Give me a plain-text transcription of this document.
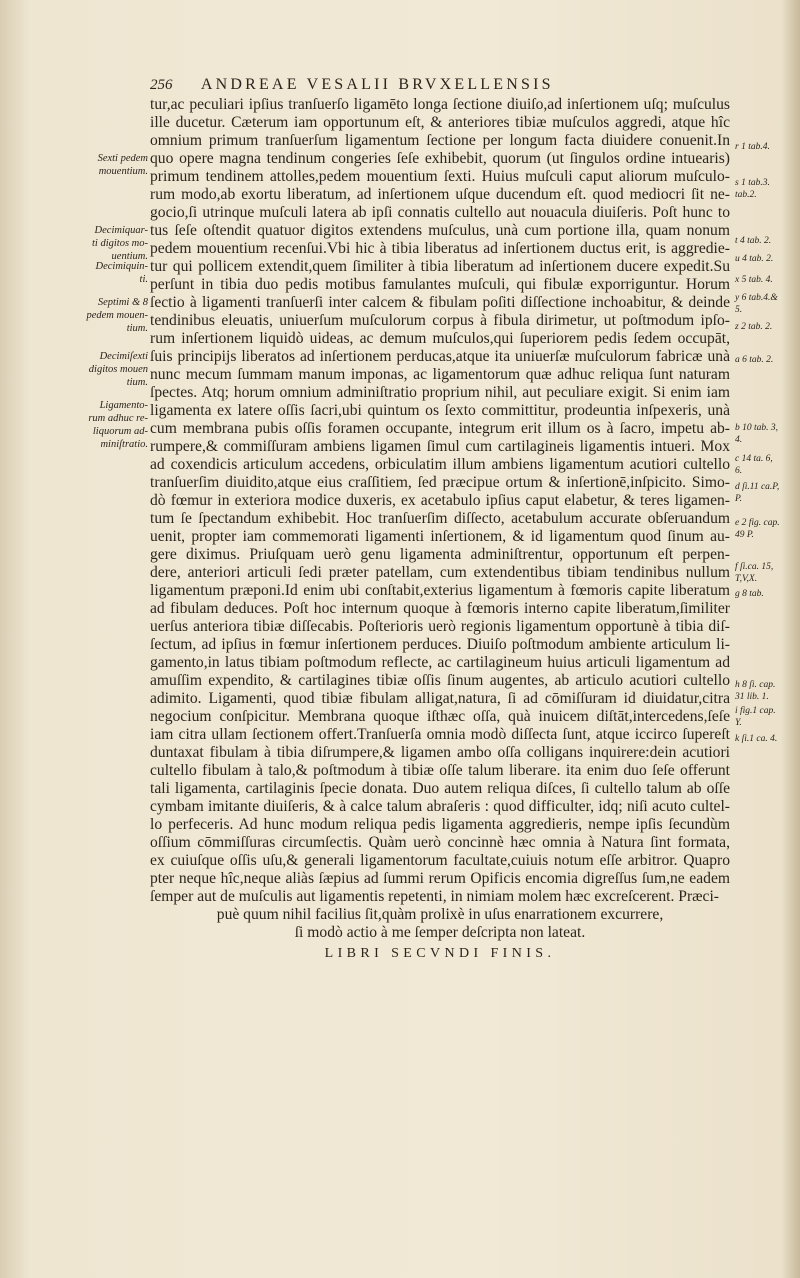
256 ANDREAE VESALII BRVXELLENSIS
tur,ac peculiari ipſius tranſuerſo ligamēto longa ſectione diuiſo,ad inſertionem uſq; muſculus
ille ducetur. Cæterum iam opportunum eſt, & anteriores tibiæ muſculos aggredi, atque hîc
omnium primum tranſuerſum ligamentum ſectione per longum facta diuidere conuenit.In
quo opere magna tendinum congeries ſeſe exhibebit, quorum (ut ſingulos ordine intuearis)
primum tendinem attolles,pedem mouentium ſexti. Huius muſculi caput aliorum muſculo-
rum modo,ab exortu liberatum, ad inſertionem uſque ducendum eſt. quod mediocri ſit ne-
gocio,ſi utrinque muſculi latera ab ipſi connatis cultello aut nouacula diuiſeris. Poſt hunc to
tus ſeſe oſtendit quatuor digitos extendens muſculus, unà cum portione illa, quam nonum
pedem mouentium recenſui.Vbi hic à tibia liberatus ad inſertionem ductus erit, is aggredie-
tur qui pollicem extendit,quem ſimiliter à tibia liberatum ad inſertionem ducere expedit.Su
perſunt in tibia duo pedis motibus famulantes muſculi, qui fibulæ exporriguntur. Horum
ſectio à ligamenti tranſuerſi inter calcem & fibulam poſiti diſſectione inchoabitur, & deinde
tendinibus eleuatis, uniuerſum muſculorum corpus à fibula dirimetur, ut poſtmodum ipſo-
rum inſertionem liquidò uideas, ac demum muſculos,qui ſuperiorem pedis ſedem occupāt,
ſuis principijs liberatos ad inſertionem perducas,atque ita uniuerſæ muſculorum fabricæ unà
nunc mecum ſummam manum imponas, ac ligamentorum quæ adhuc reliqua ſunt naturam
ſpectes. Atq; horum omnium adminiſtratio proprium nihil, aut peculiare exigit. Si enim iam
ligamenta ex latere oſſis ſacri,ubi quintum os ſexto committitur, prodeuntia inſpexeris, unà
cum membrana pubis oſſis foramen occupante, integrum erit illum os à ſacro, impetu ab-
rumpere,& commiſſuram ambiens ligamen ſimul cum cartilagineis ligamentis intueri. Mox
ad coxendicis articulum accedens, orbiculatim illum ambiens ligamentum acutiori cultello
tranſuerſim diuidito,atque eius craſſitiem, ſed præcipue ortum & inſertionē,inſpicito. Simo-
dò fœmur in exteriora modice duxeris, ex acetabulo ipſius caput elabetur, & teres ligamen-
tum ſe ſpectandum exhibebit. Hoc tranſuerſim diſſecto, acetabulum accurate obſeruandum
uenit, propter iam commemorati ligamenti inſertionem, & id ligamentum quod ſinum au-
gere diximus. Priuſquam uerò genu ligamenta adminiſtrentur, opportunum eſt perpen-
dere, anteriori articuli ſedi præter patellam, cum extendentibus tibiam tendinibus nullum
ligamentum præponi.Id enim ubi conſtabit,exterius ligamentum à fœmoris capite liberatum
ad fibulam deduces. Poſt hoc internum quoque à fœmoris interno capite liberatum,ſimiliter
uerſus anteriora tibiæ diſſecabis. Poſterioris uerò regionis ligamentum opportunè à tibia diſ-
ſectum, ad ipſius in fœmur inſertionem perduces. Diuiſo poſtmodum ambiente articulum li-
gamento,in latus tibiam poſtmodum reflecte, ac cartilagineum huius articuli ligamentum ad
amuſſim expendito, & cartilagines tibiæ oſſis ſinum augentes, ab articulo acutiori cultello
adimito. Ligamenti, quod tibiæ fibulam alligat,natura, ſi ad cōmiſſuram id diuidatur,citra
negocium conſpicitur. Membrana quoque iſthæc oſſa, quà inuicem diſtāt,intercedens,ſeſe
iam citra ullam ſectionem offert.Tranſuerſa omnia modò diſſecta ſunt, atque iccirco ſupereſt
duntaxat fibulam à tibia diſrumpere,& ligamen ambo oſſa colligans inquirere:dein acutiori
cultello fibulam à talo,& poſtmodum à tibiæ oſſe talum liberare. ita enim duo ſeſe offerunt
tali ligamenta, cartilaginis ſpecie donata. Duo autem reliqua diſces, ſi cultello talum ab oſſe
cymbam imitante diuiſeris, & à calce talum abraſeris : quod difficulter, idq; niſi acuto cultel-
lo perfeceris. Ad hunc modum reliqua pedis ligamenta aggredieris, nempe ipſis ſecundùm
oſſium cōmmiſſuras circumſectis. Quàm uerò concinnè hæc omnia à Natura ſint formata,
ex cuiuſque oſſis uſu,& generali ligamentorum facultate,cuiuis notum eſſe arbitror. Quapro
pter neque hîc,neque aliàs ſæpius ad ſummi rerum Opificis encomia digreſſus ſum,ne eadem
ſemper aut de muſculis aut ligamentis repetenti, in nimiam molem hæc excreſcerent. Præci-
puè quum nihil facilius ſit,quàm prolixè in uſus enarrationem excurrere,
ſi modò actio à me ſemper deſcripta non lateat.
Sexti pedem
mouentium.
Decimiquar-
ti digitos mo-
uentium.
Decimiquin-
ti.
Septimi & 8
pedem mouen-
tium.
Decimiſexti
digitos mouen
tium.
Ligamento-
rum adhuc re-
liquorum ad-
miniſtratio.
r 1 tab.4.
s 1 tab.3.
tab.2.
t 4 tab. 2.
u 4 tab. 2.
x 5 tab. 4.
y 6 tab.4.&
5.
z 2 tab. 2.
a 6 tab. 2.
b 10 tab. 3,
4.
c 14 ta. 6,
6.
d ſi.11 ca.P,
P.
e 2 fig. cap.
49 P.
f ſi.ca. 15,
T,V,X.
g 8 tab.
h 8 ſi. cap.
31 lib. 1.
i fig.1 cap.
Y.
k ſi.1 ca. 4.
LIBRI SECVNDI FINIS.
